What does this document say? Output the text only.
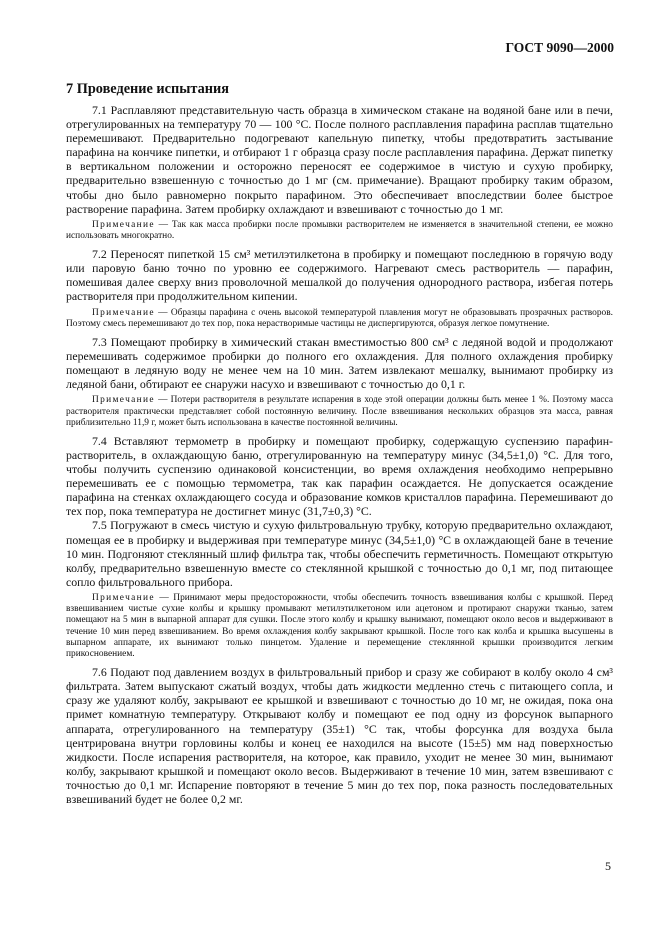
ГОСТ 9090—2000
7 Проведение испытания

7.1 Расплавляют представительную часть образца в химическом стакане на водяной бане или в печи, отрегулированных на температуру 70 — 100 °С. После полного расплавления парафина расплав тщательно перемешивают. Предварительно подогревают капельную пипетку, чтобы предотвратить застывание парафина на кончике пипетки, и отбирают 1 г образца сразу после расплавления парафина. Держат пипетку в вертикальном положении и осторожно переносят ее содержимое в чистую и сухую пробирку, предварительно взвешенную с точностью до 1 мг (см. примечание). Вращают пробирку таким образом, чтобы дно было равномерно покрыто парафином. Это обеспечивает впоследствии более быстрое растворение парафина. Затем пробирку охлаждают и взвешивают с точностью до 1 мг.

Примечание — Так как масса пробирки после промывки растворителем не изменяется в значительной степени, ее можно использовать многократно.

7.2 Переносят пипеткой 15 см³ метилэтилкетона в пробирку и помещают последнюю в горячую воду или паровую баню точно по уровню ее содержимого. Нагревают смесь растворитель — парафин, помешивая далее сверху вниз проволочной мешалкой до получения однородного раствора, избегая потерь растворителя при продолжительном кипении.

Примечание — Образцы парафина с очень высокой температурой плавления могут не образовывать прозрачных растворов. Поэтому смесь перемешивают до тех пор, пока нерастворимые частицы не диспергируются, образуя легкое помутнение.

7.3 Помещают пробирку в химический стакан вместимостью 800 см³ с ледяной водой и продолжают перемешивать содержимое пробирки до полного его охлаждения. Для полного охлаждения пробирку помещают в ледяную воду не менее чем на 10 мин. Затем извлекают мешалку, вынимают пробирку из ледяной бани, обтирают ее снаружи насухо и взвешивают с точностью до 0,1 г.

Примечание — Потери растворителя в результате испарения в ходе этой операции должны быть менее 1 %. Поэтому масса растворителя практически представляет собой постоянную величину. После взвешивания нескольких образцов эта масса, равная приблизительно 11,9 г, может быть использована в качестве постоянной величины.

7.4 Вставляют термометр в пробирку и помещают пробирку, содержащую суспензию парафин-растворитель, в охлаждающую баню, отрегулированную на температуру минус (34,5±1,0) °С. Для того, чтобы получить суспензию одинаковой консистенции, во время охлаждения необходимо непрерывно перемешивать ее с помощью термометра, так как парафин осаждается. Не допускается осаждение парафина на стенках охлаждающего сосуда и образование комков кристаллов парафина. Перемешивают до тех пор, пока температура не достигнет минус (31,7±0,3) °С.

7.5 Погружают в смесь чистую и сухую фильтровальную трубку, которую предварительно охлаждают, помещая ее в пробирку и выдерживая при температуре минус (34,5±1,0) °С в охлаждающей бане в течение 10 мин. Подгоняют стеклянный шлиф фильтра так, чтобы обеспечить герметичность. Помещают открытую колбу, предварительно взвешенную вместе со стеклянной крышкой с точностью до 0,1 мг, под питающее сопло фильтровального прибора.

Примечание — Принимают меры предосторожности, чтобы обеспечить точность взвешивания колбы с крышкой. Перед взвешиванием чистые сухие колбы и крышку промывают метилэтилкетоном или ацетоном и протирают снаружи тканью, затем помещают на 5 мин в выпарной аппарат для сушки. После этого колбу и крышку вынимают, помещают около весов и выдерживают в течение 10 мин перед взвешиванием. Во время охлаждения колбу закрывают крышкой. После того как колба и крышка высушены в выпарном аппарате, их вынимают только пинцетом. Удаление и перемещение стеклянной крышки производится легким прикосновением.

7.6 Подают под давлением воздух в фильтровальный прибор и сразу же собирают в колбу около 4 см³ фильтрата. Затем выпускают сжатый воздух, чтобы дать жидкости медленно стечь с питающего сопла, и сразу же удаляют колбу, закрывают ее крышкой и взвешивают с точностью до 10 мг, не ожидая, пока она примет комнатную температуру. Открывают колбу и помещают ее под одну из форсунок выпарного аппарата, отрегулированного на температуру (35±1) °С так, чтобы форсунка для воздуха была центрирована внутри горловины колбы и конец ее находился на высоте (15±5) мм над поверхностью жидкости. После испарения растворителя, на которое, как правило, уходит не менее 30 мин, вынимают колбу, закрывают крышкой и помещают около весов. Выдерживают в течение 10 мин, затем взвешивают с точностью до 0,1 мг. Испарение повторяют в течение 5 мин до тех пор, пока разность последовательных взвешиваний будет не более 0,2 мг.

5
